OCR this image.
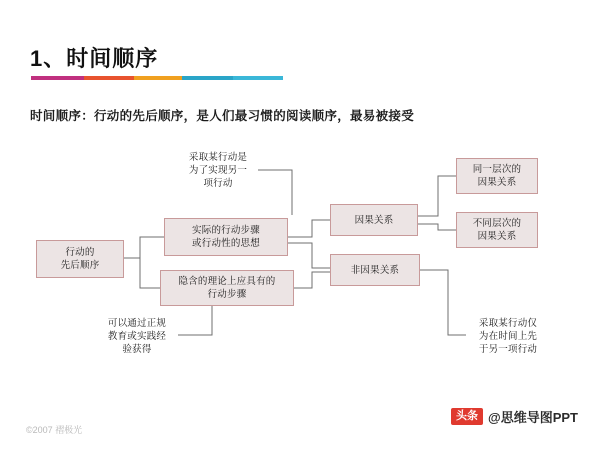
1、时间顺序
时间顺序：行动的先后顺序，是人们最习惯的阅读顺序，最易被接受
行动的
先后顺序
实际的行动步骤
或行动性的思想
隐含的理论上应具有的
行动步骤
采取某行动是
为了实现另一
项行动
因果关系
非因果关系
同一层次的
因果关系
不同层次的
因果关系
可以通过正规
教育或实践经
验获得
采取某行动仅
为在时间上先
于另一项行动
©2007 褶极光
头条 @思维导图PPT
